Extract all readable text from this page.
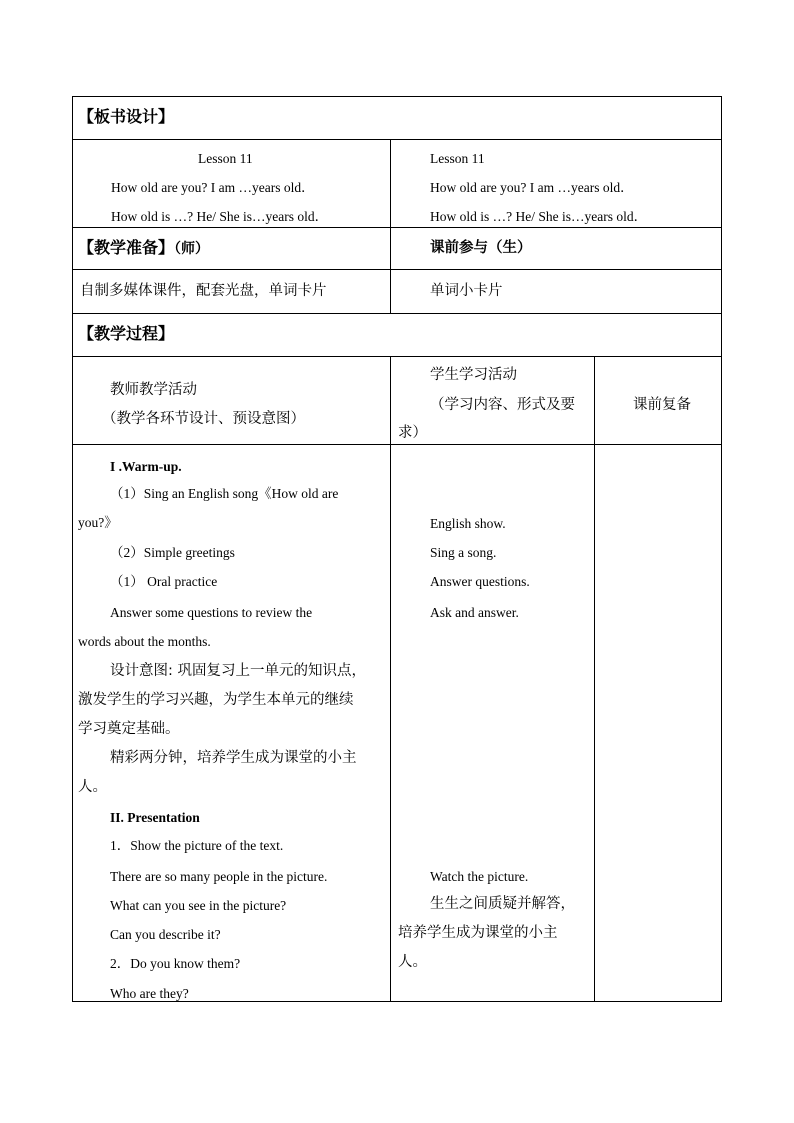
【板书设计】
Lesson 11
How old are you? I am …years old．
How old is …? He/ She is…years old．
Lesson 11
How old are you? I am …years old．
How old is …? He/ She is…years old．
【教学准备】（师）	课前参与（生）
自制多媒体课件，配套光盘，单词卡片	单词小卡片
【教学过程】
教师教学活动
（教学各环节设计、预设意图）
学生学习活动
（学习内容、形式及要
求）
课前复备
I .Warm-up.
（1）Sing an English song《How old are
you?》
（2）Simple greetings
（1） Oral practice
Answer some questions to review the
words about the months.
设计意图: 巩固复习上一单元的知识点，
激发学生的学习兴趣，为学生本单元的继续
学习奠定基础。
精彩两分钟，培养学生成为课堂的小主
人。
II. Presentation
1．Show the picture of the text.
There are so many people in the picture.
What can you see in the picture?
Can you describe it?
2．Do you know them?
Who are they?
English show.
Sing a song.
Answer questions.
Ask and answer.
Watch the picture.
生生之间质疑并解答，
培养学生成为课堂的小主
人。
